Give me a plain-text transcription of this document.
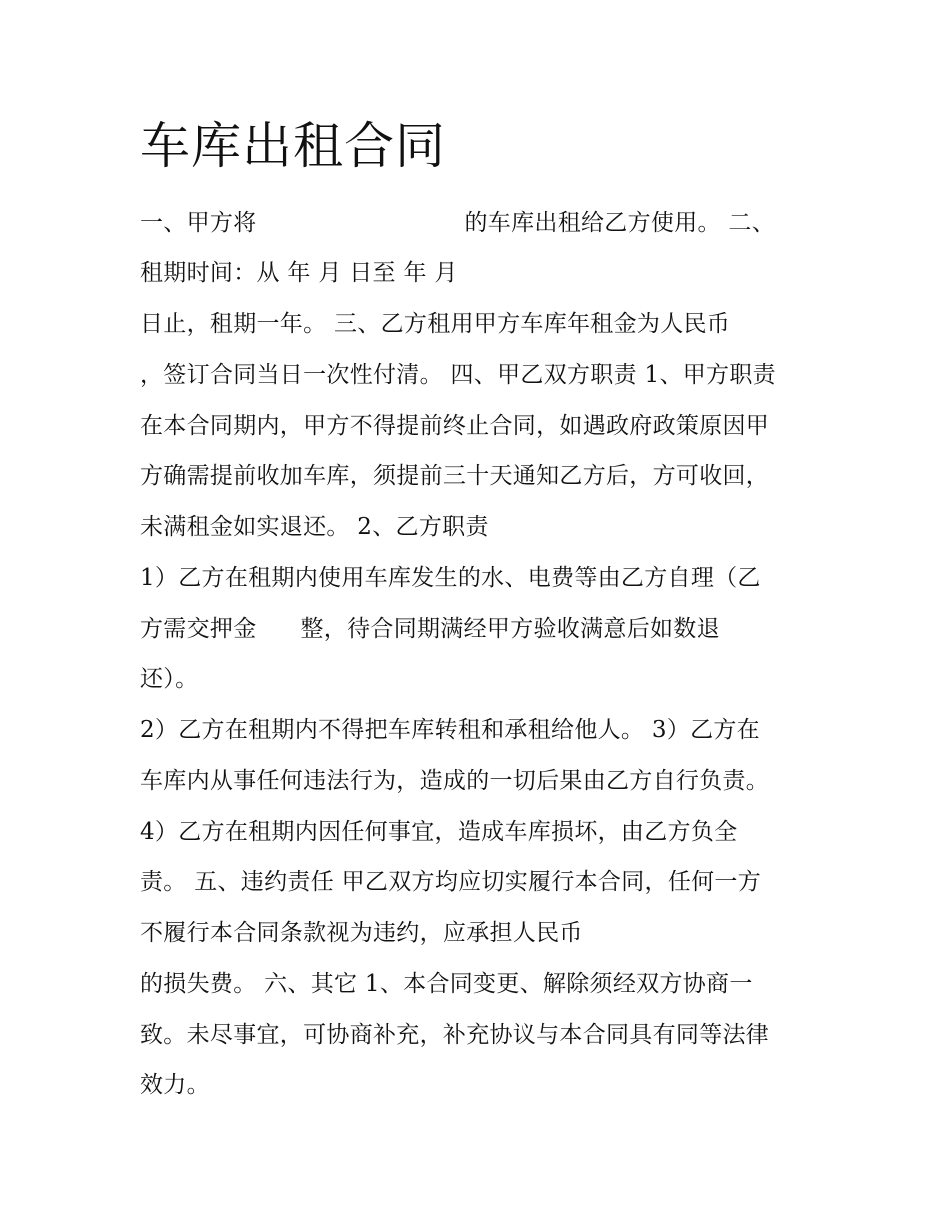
车库出租合同
一、甲方将	的车库出租给乙方使用。 二、
租期时间：从 年 月 日至 年 月
日止，租期一年。 三、乙方租用甲方车库年租金为人民币
，签订合同当日一次性付清。 四、甲乙双方职责 1、甲方职责
在本合同期内，甲方不得提前终止合同，如遇政府政策原因甲
方确需提前收加车库，须提前三十天通知乙方后，方可收回，
未满租金如实退还。 2、乙方职责
1）乙方在租期内使用车库发生的水、电费等由乙方自理（乙
方需交押金 整，待合同期满经甲方验收满意后如数退
还）。
2）乙方在租期内不得把车库转租和承租给他人。 3）乙方在
车库内从事任何违法行为，造成的一切后果由乙方自行负责。
4）乙方在租期内因任何事宜，造成车库损坏，由乙方负全
责。 五、违约责任 甲乙双方均应切实履行本合同，任何一方
不履行本合同条款视为违约，应承担人民币
的损失费。 六、其它 1、本合同变更、解除须经双方协商一
致。未尽事宜，可协商补充，补充协议与本合同具有同等法律
效力。
